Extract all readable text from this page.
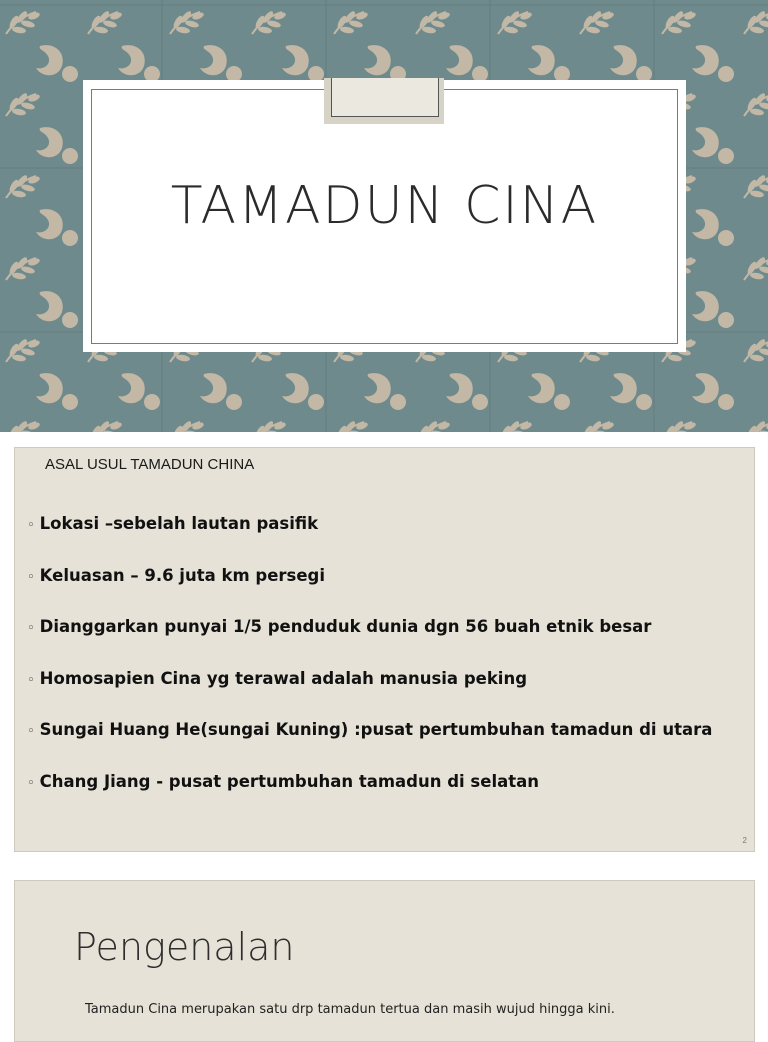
TAMADUN CINA
ASAL USUL TAMADUN CHINA
◦ Lokasi –sebelah lautan pasifik
◦ Keluasan – 9.6 juta km persegi
◦ Dianggarkan punyai 1/5 penduduk dunia dgn 56 buah etnik besar
◦ Homosapien Cina yg terawal adalah manusia peking
◦ Sungai Huang He(sungai Kuning) :pusat pertumbuhan tamadun di utara
◦ Chang Jiang - pusat pertumbuhan tamadun di selatan
2
Pengenalan
Tamadun Cina merupakan satu drp tamadun tertua dan masih wujud hingga kini.
